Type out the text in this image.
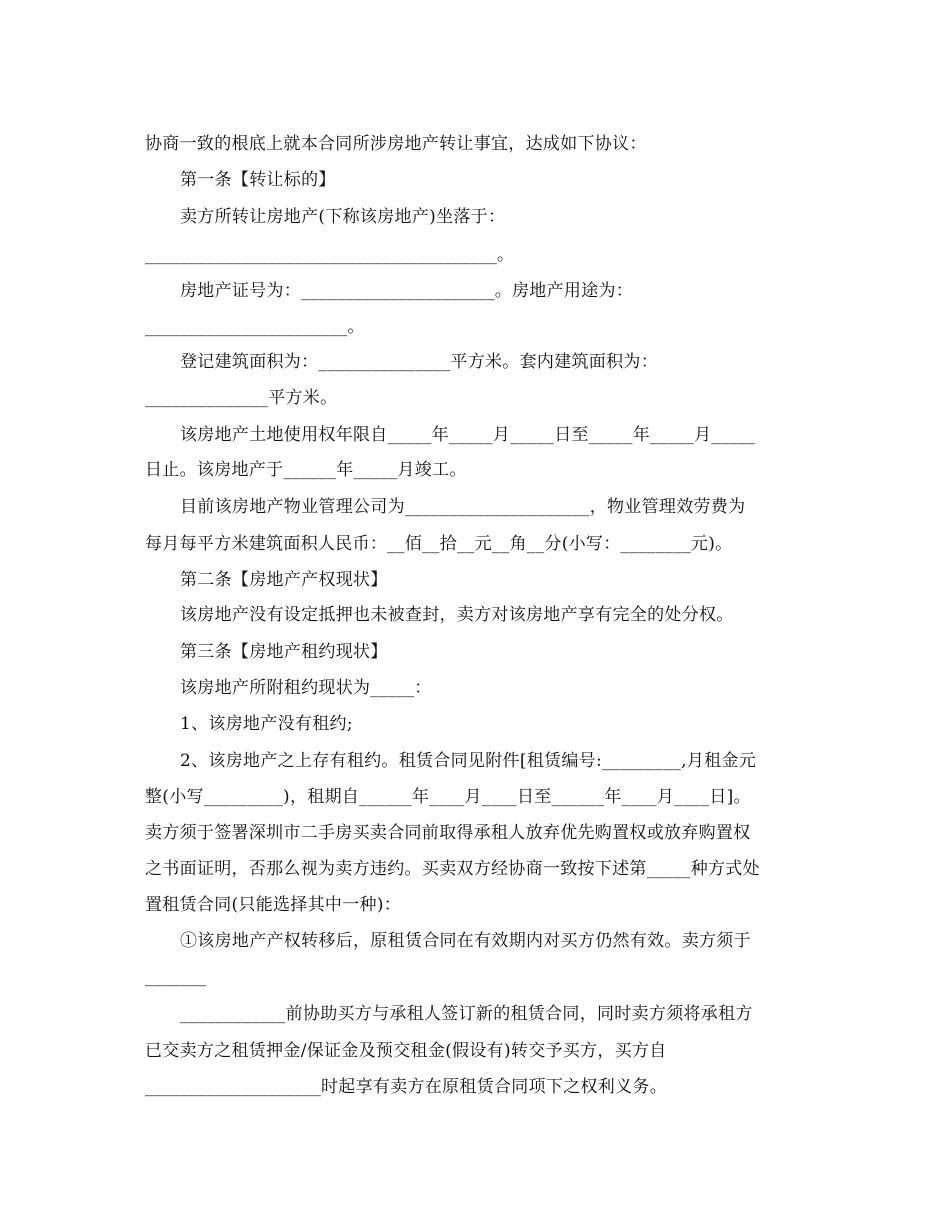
协商一致的根底上就本合同所涉房地产转让事宜，达成如下协议：
第一条【转让标的】
卖方所转让房地产(下称该房地产)坐落于：
________________________________________。
房地产证号为：______________________。房地产用途为：
_______________________。
登记建筑面积为：_______________平方米。套内建筑面积为：
______________平方米。
该房地产土地使用权年限自_____年_____月_____日至_____年_____月_____
日止。该房地产于______年_____月竣工。
目前该房地产物业管理公司为_____________________，物业管理效劳费为
每月每平方米建筑面积人民币：__佰__拾__元__角__分(小写：________元)。
第二条【房地产产权现状】
该房地产没有设定抵押也未被查封，卖方对该房地产享有完全的处分权。
第三条【房地产租约现状】
该房地产所附租约现状为_____：
1、该房地产没有租约;
2、该房地产之上存有租约。租赁合同见附件[租赁编号:_________,月租金元
整(小写_________)，租期自______年____月____日至______年____月____日]。
卖方须于签署深圳市二手房买卖合同前取得承租人放弃优先购置权或放弃购置权
之书面证明，否那么视为卖方违约。买卖双方经协商一致按下述第_____种方式处
置租赁合同(只能选择其中一种)：
①该房地产产权转移后，原租赁合同在有效期内对买方仍然有效。卖方须于
_______
____________前协助买方与承租人签订新的租赁合同，同时卖方须将承租方
已交卖方之租赁押金/保证金及预交租金(假设有)转交予买方，买方自
____________________时起享有卖方在原租赁合同项下之权利义务。
